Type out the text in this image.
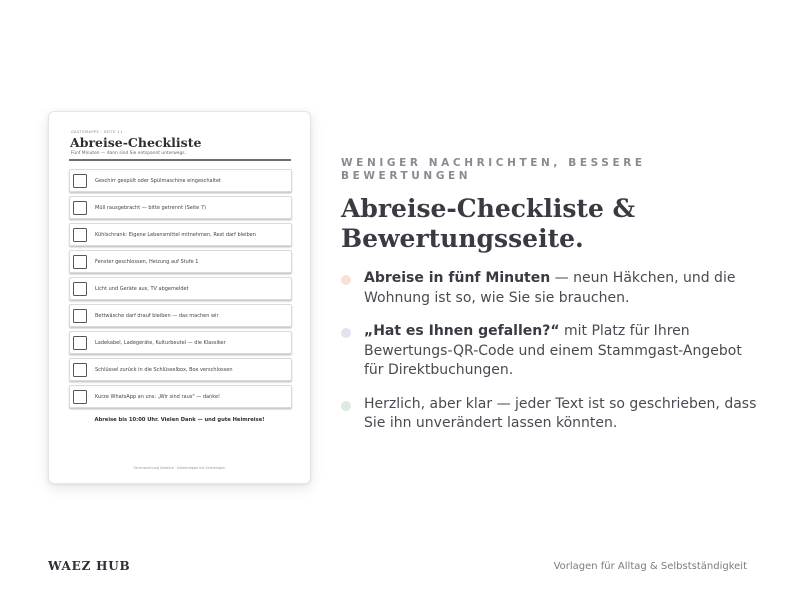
GÄSTEMAPPE · SEITE 11
Abreise-Checkliste
Fünf Minuten — dann sind Sie entspannt unterwegs.
Geschirr gespült oder Spülmaschine eingeschaltet
Müll rausgebracht — bitte getrennt (Seite 7)
Kühlschrank: Eigene Lebensmittel mitnehmen, Rest darf bleiben
Fenster geschlossen, Heizung auf Stufe 1
Licht und Geräte aus, TV abgemeldet
Bettwäsche darf drauf bleiben — das machen wir
Ladekabel, Ladegeräte, Kulturbeutel — die Klassiker
Schlüssel zurück in die Schlüsselbox, Box verschlossen
Kurze WhatsApp an uns: „Wir sind raus" — danke!
Abreise bis 10:00 Uhr. Vielen Dank — und gute Heimreise!
Ferienwohnung Seeblick · Gästemappe mit Anleitungen
WENIGER NACHRICHTEN, BESSERE BEWERTUNGEN
Abreise-Checkliste & Bewertungsseite.
Abreise in fünf Minuten — neun Häkchen, und die Wohnung ist so, wie Sie sie brauchen.
„Hat es Ihnen gefallen?“ mit Platz für Ihren Bewertungs-QR-Code und einem Stammgast-Angebot für Direktbuchungen.
Herzlich, aber klar — jeder Text ist so geschrieben, dass Sie ihn unverändert lassen könnten.
WAEZ HUB	Vorlagen für Alltag & Selbstständigkeit
